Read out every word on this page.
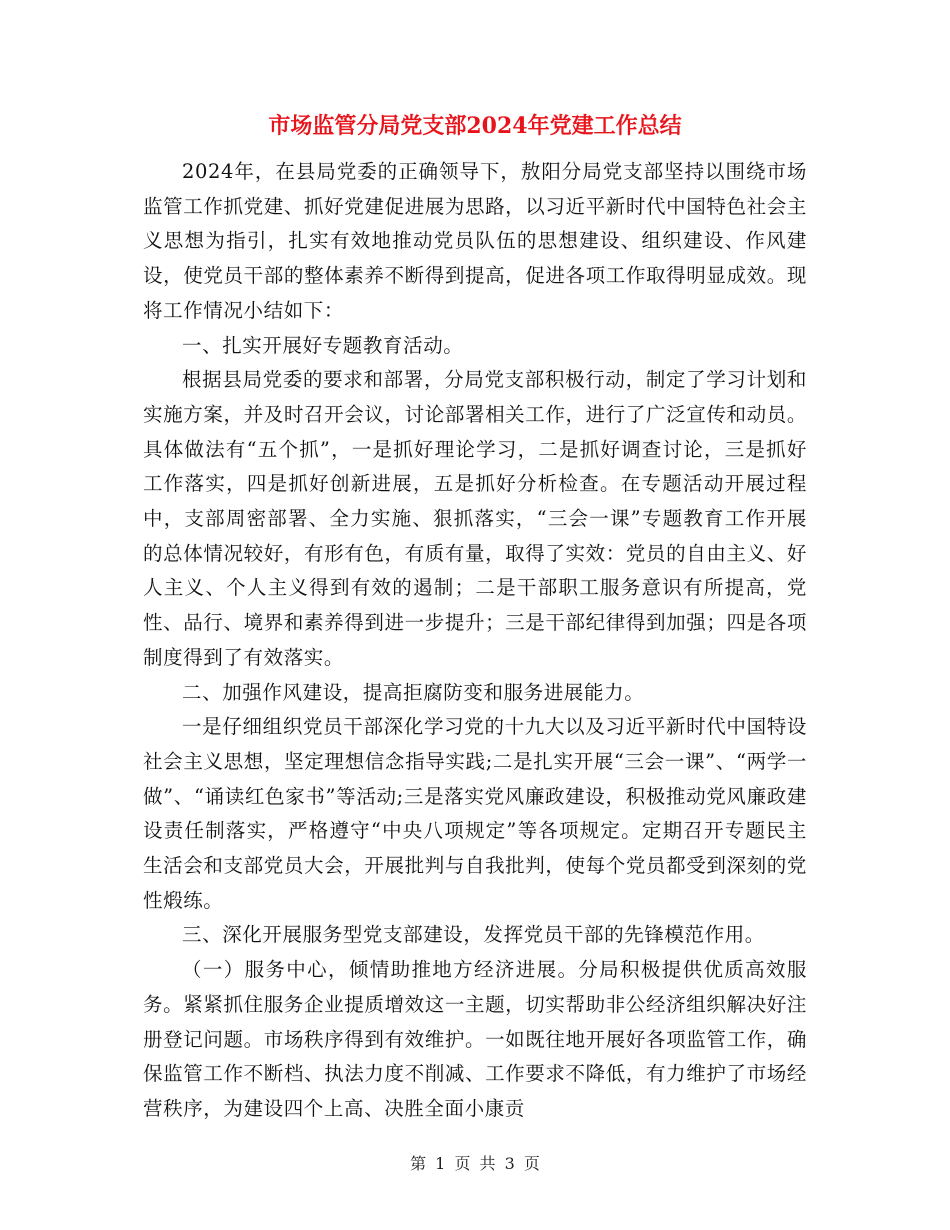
市场监管分局党支部2024年党建工作总结

2024年，在县局党委的正确领导下，敖阳分局党支部坚持以围绕市场监管工作抓党建、抓好党建促进展为思路，以习近平新时代中国特色社会主义思想为指引，扎实有效地推动党员队伍的思想建设、组织建设、作风建设，使党员干部的整体素养不断得到提高，促进各项工作取得明显成效。现将工作情况小结如下：

一、扎实开展好专题教育活动。

根据县局党委的要求和部署，分局党支部积极行动，制定了学习计划和实施方案，并及时召开会议，讨论部署相关工作，进行了广泛宣传和动员。具体做法有“五个抓”，一是抓好理论学习，二是抓好调查讨论，三是抓好工作落实，四是抓好创新进展，五是抓好分析检查。在专题活动开展过程中，支部周密部署、全力实施、狠抓落实，“三会一课”专题教育工作开展的总体情况较好，有形有色，有质有量，取得了实效：党员的自由主义、好人主义、个人主义得到有效的遏制；二是干部职工服务意识有所提高，党性、品行、境界和素养得到进一步提升；三是干部纪律得到加强；四是各项制度得到了有效落实。

二、加强作风建设，提高拒腐防变和服务进展能力。

一是仔细组织党员干部深化学习党的十九大以及习近平新时代中国特设社会主义思想，坚定理想信念指导实践;二是扎实开展“三会一课”、“两学一做”、“诵读红色家书”等活动;三是落实党风廉政建设，积极推动党风廉政建设责任制落实，严格遵守“中央八项规定”等各项规定。定期召开专题民主生活会和支部党员大会，开展批判与自我批判，使每个党员都受到深刻的党性煅练。

三、深化开展服务型党支部建设，发挥党员干部的先锋模范作用。

（一）服务中心，倾情助推地方经济进展。分局积极提供优质高效服务。紧紧抓住服务企业提质增效这一主题，切实帮助非公经济组织解决好注册登记问题。市场秩序得到有效维护。一如既往地开展好各项监管工作，确保监管工作不断档、执法力度不削减、工作要求不降低，有力维护了市场经营秩序，为建设四个上高、决胜全面小康贡

第 1 页 共 3 页
